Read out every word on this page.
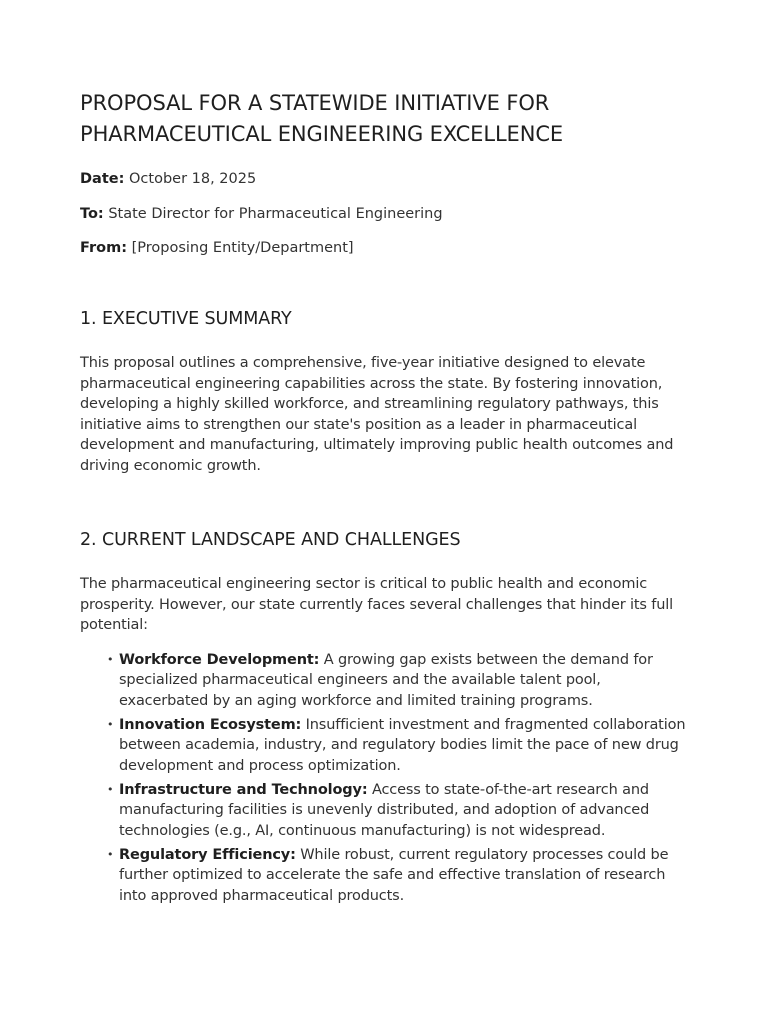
PROPOSAL FOR A STATEWIDE INITIATIVE FOR PHARMACEUTICAL ENGINEERING EXCELLENCE

Date: October 18, 2025

To: State Director for Pharmaceutical Engineering

From: [Proposing Entity/Department]

1. EXECUTIVE SUMMARY

This proposal outlines a comprehensive, five-year initiative designed to elevate pharmaceutical engineering capabilities across the state. By fostering innovation, developing a highly skilled workforce, and streamlining regulatory pathways, this initiative aims to strengthen our state's position as a leader in pharmaceutical development and manufacturing, ultimately improving public health outcomes and driving economic growth.

2. CURRENT LANDSCAPE AND CHALLENGES

The pharmaceutical engineering sector is critical to public health and economic prosperity. However, our state currently faces several challenges that hinder its full potential:

• Workforce Development: A growing gap exists between the demand for specialized pharmaceutical engineers and the available talent pool, exacerbated by an aging workforce and limited training programs.
• Innovation Ecosystem: Insufficient investment and fragmented collaboration between academia, industry, and regulatory bodies limit the pace of new drug development and process optimization.
• Infrastructure and Technology: Access to state-of-the-art research and manufacturing facilities is unevenly distributed, and adoption of advanced technologies (e.g., AI, continuous manufacturing) is not widespread.
• Regulatory Efficiency: While robust, current regulatory processes could be further optimized to accelerate the safe and effective translation of research into approved pharmaceutical products.
